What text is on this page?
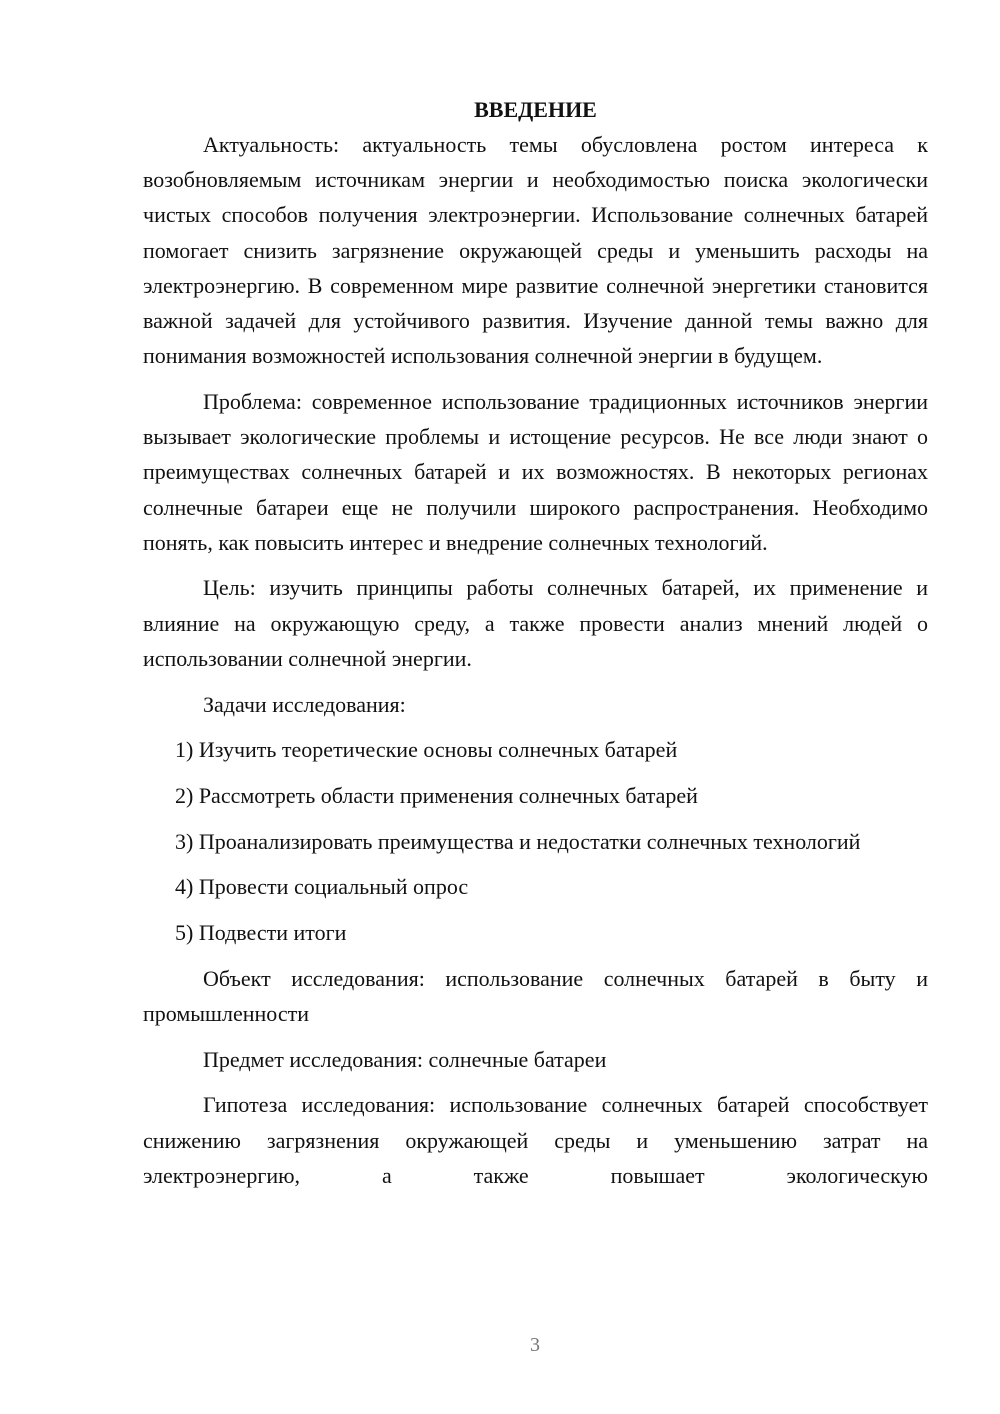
ВВЕДЕНИЕ

Актуальность: актуальность темы обусловлена ростом интереса к возобновляемым источникам энергии и необходимостью поиска экологически чистых способов получения электроэнергии. Использование солнечных батарей помогает снизить загрязнение окружающей среды и уменьшить расходы на электроэнергию. В современном мире развитие солнечной энергетики становится важной задачей для устойчивого развития. Изучение данной темы важно для понимания возможностей использования солнечной энергии в будущем.

Проблема: современное использование традиционных источников энергии вызывает экологические проблемы и истощение ресурсов. Не все люди знают о преимуществах солнечных батарей и их возможностях. В некоторых регионах солнечные батареи еще не получили широкого распространения. Необходимо понять, как повысить интерес и внедрение солнечных технологий.

Цель: изучить принципы работы солнечных батарей, их применение и влияние на окружающую среду, а также провести анализ мнений людей о использовании солнечной энергии.

Задачи исследования:

1) Изучить теоретические основы солнечных батарей

2) Рассмотреть области применения солнечных батарей

3) Проанализировать преимущества и недостатки солнечных технологий

4) Провести социальный опрос

5) Подвести итоги

Объект исследования: использование солнечных батарей в быту и промышленности

Предмет исследования: солнечные батареи

Гипотеза исследования: использование солнечных батарей способствует снижению загрязнения окружающей среды и уменьшению затрат на электроэнергию, а также повышает экологическую

3
